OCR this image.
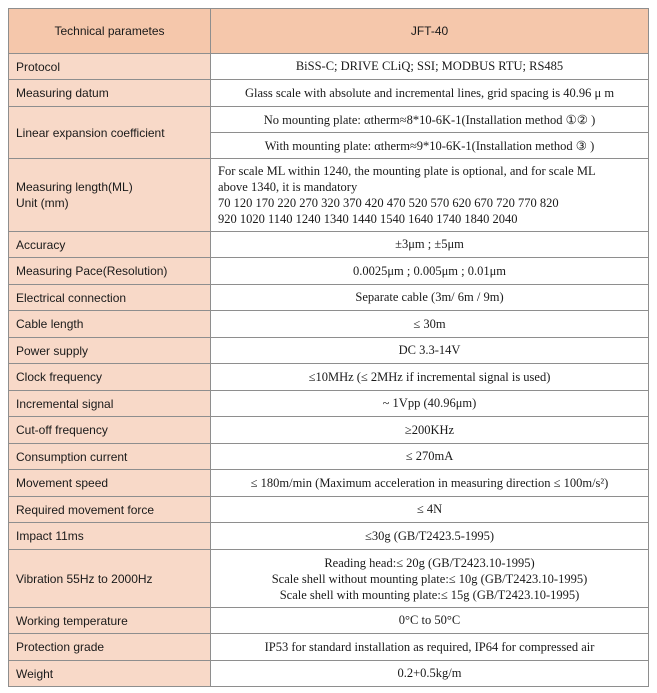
Technical parametes	JFT-40
Protocol	BiSS-C; DRIVE CLiQ; SSI; MODBUS RTU; RS485
Measuring datum	Glass scale with absolute and incremental lines, grid spacing is 40.96 μ m
Linear expansion coefficient	No mounting plate: αtherm≈8*10-6K-1(Installation method ①② )
	With mounting plate: αtherm≈9*10-6K-1(Installation method ③ )

Measuring length(ML)
Unit (mm)	For scale ML within 1240, the mounting plate is optional, and for scale ML
above 1340, it is mandatory
70 120 170 220 270 320 370 420 470 520 570 620 670 720 770 820
920 1020 1140 1240 1340 1440 1540 1640 1740 1840 2040

Accuracy	±3μm ; ±5μm
Measuring Pace(Resolution)	0.0025μm ; 0.005μm ; 0.01μm
Electrical connection	Separate cable (3m/ 6m / 9m)
Cable length	≤ 30m
Power supply	DC 3.3-14V
Clock frequency	≤10MHz (≤ 2MHz if incremental signal is used)
Incremental signal	~ 1Vpp (40.96μm)
Cut-off frequency	≥200KHz
Consumption current	≤ 270mA
Movement speed	≤ 180m/min (Maximum acceleration in measuring direction ≤ 100m/s²)
Required movement force	≤ 4N
Impact 11ms	≤30g (GB/T2423.5-1995)
Vibration 55Hz to 2000Hz	Reading head:≤ 20g (GB/T2423.10-1995)
Scale shell without mounting plate:≤ 10g (GB/T2423.10-1995)
Scale shell with mounting plate:≤ 15g (GB/T2423.10-1995)

Working temperature	0°C to 50°C
Protection grade	IP53 for standard installation as required, IP64 for compressed air
Weight	0.2+0.5kg/m
